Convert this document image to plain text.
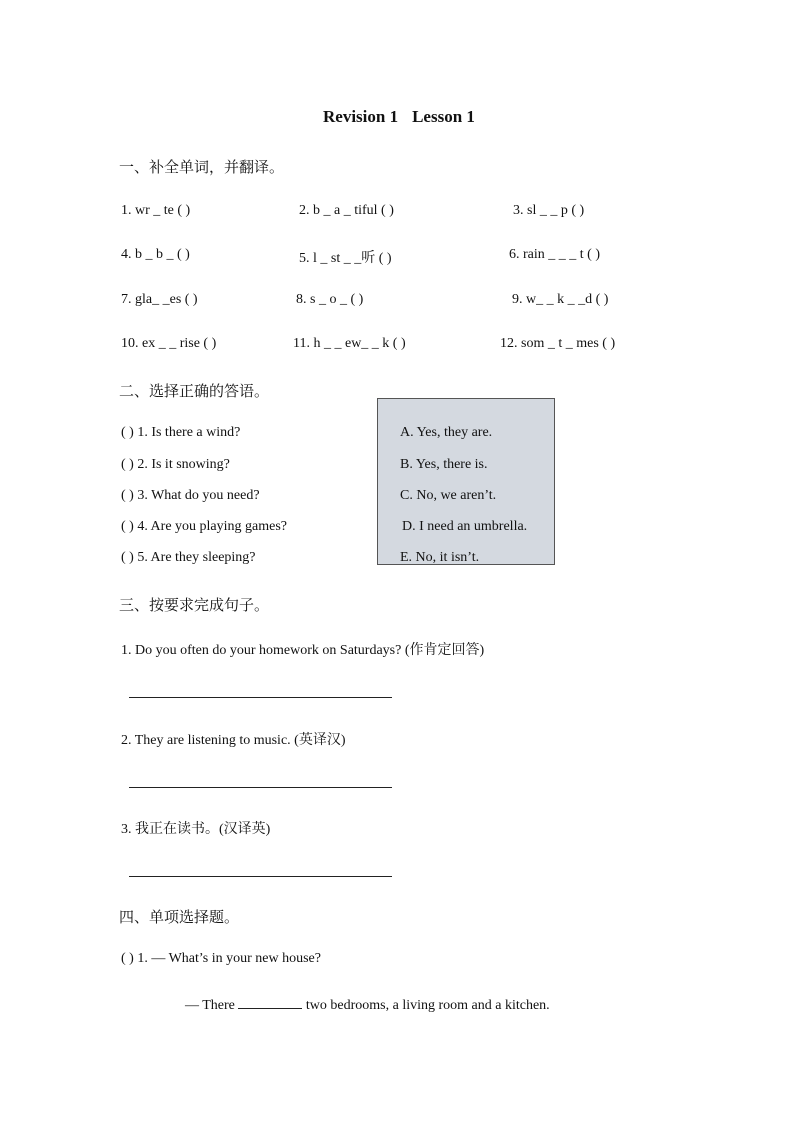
Revision 1 Lesson 1
一、补全单词，并翻译。
1. wr _ te ( )	2. b _ a _ tiful ( )	3. sl _ _ p ( )
4. b _ b _ ( )	5. l _ st _ _听 ( )	6. rain _ _ _ t ( )
7. gla_ _es ( )	8. s _ o _ ( )	9. w_ _ k _ _d ( )
10. ex _ _ rise ( )	11. h _ _ ew_ _ k ( )	12. som _ t _ mes ( )
二、选择正确的答语。
( ) 1. Is there a wind?
( ) 2. Is it snowing?
( ) 3. What do you need?
( ) 4. Are you playing games?
( ) 5. Are they sleeping?
A. Yes, they are.
B. Yes, there is.
C. No, we aren’t.
D. I need an umbrella.
E. No, it isn’t.
三、按要求完成句子。
1. Do you often do your homework on Saturdays? (作肯定回答)
2. They are listening to music. (英译汉)
3. 我正在读书。(汉译英)
四、单项选择题。
( ) 1. — What’s in your new house?
— There	two bedrooms, a living room and a kitchen.
